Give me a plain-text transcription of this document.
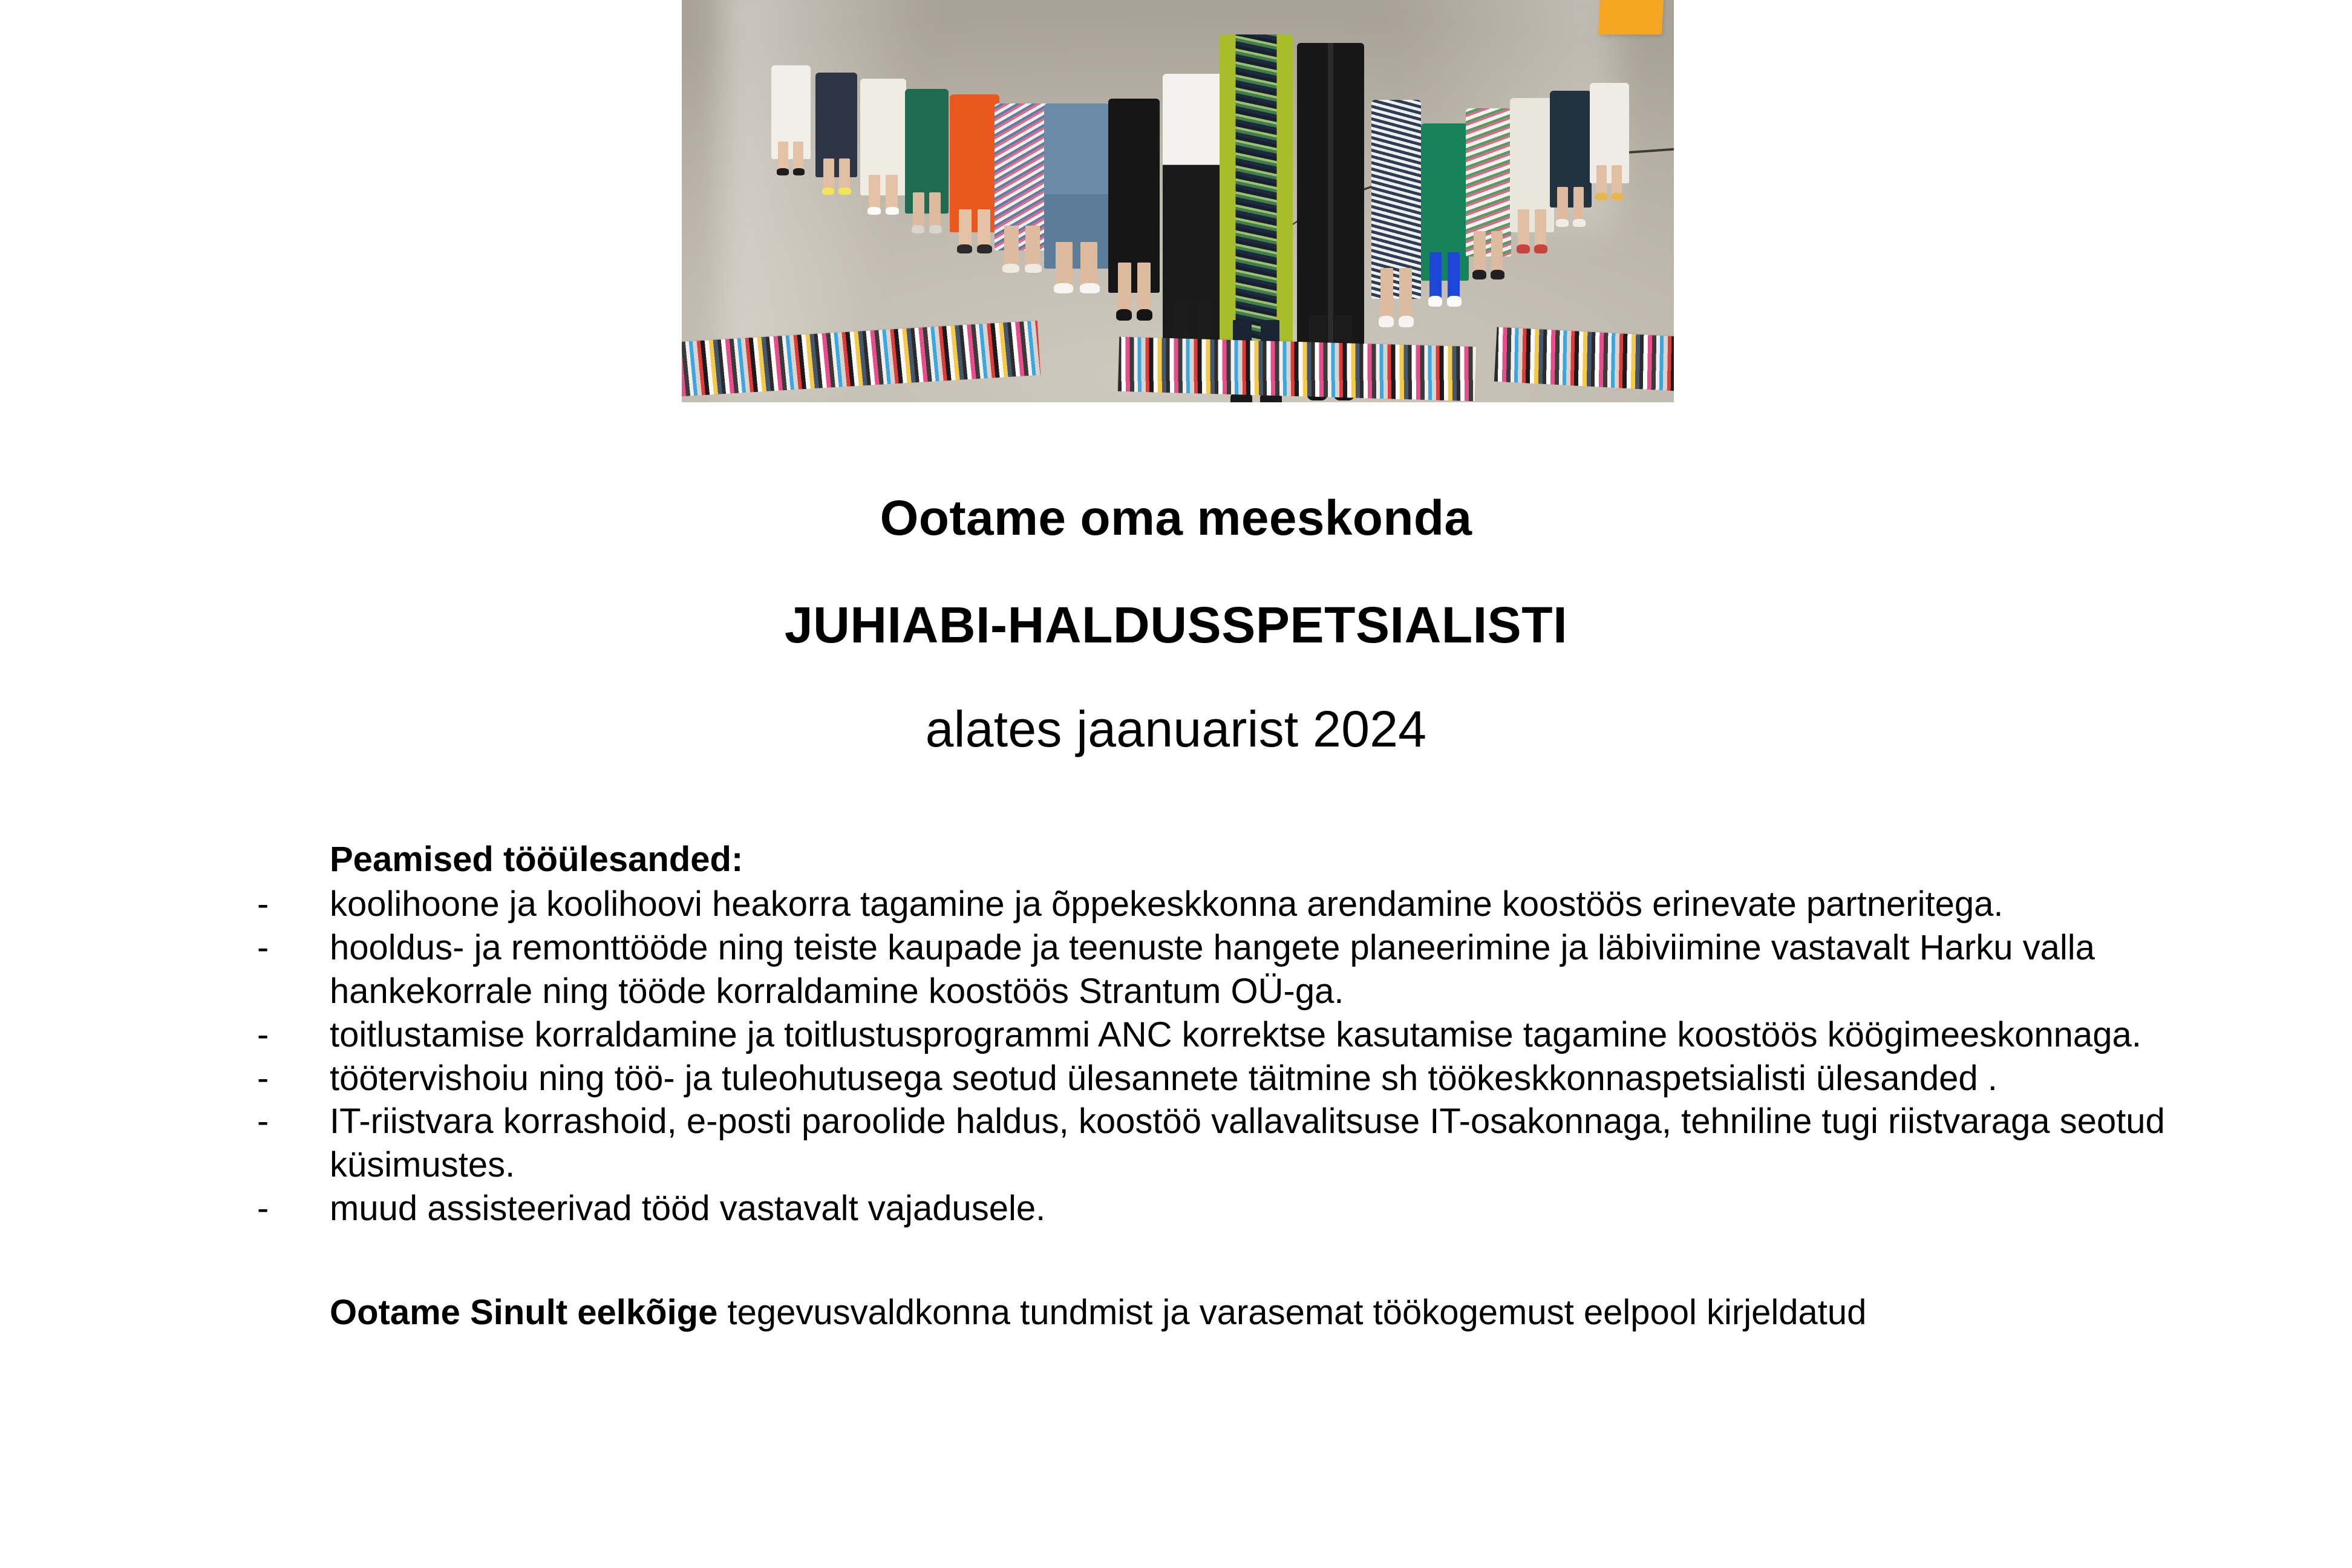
Ootame oma meeskonda
JUHIABI-HALDUSSPETSIALISTI
alates jaanuarist 2024
Peamised tööülesanded:
- koolihoone ja koolihoovi heakorra tagamine ja õppekeskkonna arendamine koostöös erinevate partneritega.
- hooldus- ja remonttööde ning teiste kaupade ja teenuste hangete planeerimine ja läbiviimine vastavalt Harku valla hankekorrale ning tööde korraldamine koostöös Strantum OÜ-ga.
- toitlustamise korraldamine ja toitlustusprogrammi ANC korrektse kasutamise tagamine koostöös köögimeeskonnaga.
- töötervishoiu ning töö- ja tuleohutusega seotud ülesannete täitmine sh töökeskkonnaspetsialisti ülesanded .
- IT-riistvara korrashoid, e-posti paroolide haldus, koostöö vallavalitsuse IT-osakonnaga, tehniline tugi riistvaraga seotud küsimustes.
- muud assisteerivad tööd vastavalt vajadusele.
Ootame Sinult eelkõige tegevusvaldkonna tundmist ja varasemat töökogemust eelpool kirjeldatud
